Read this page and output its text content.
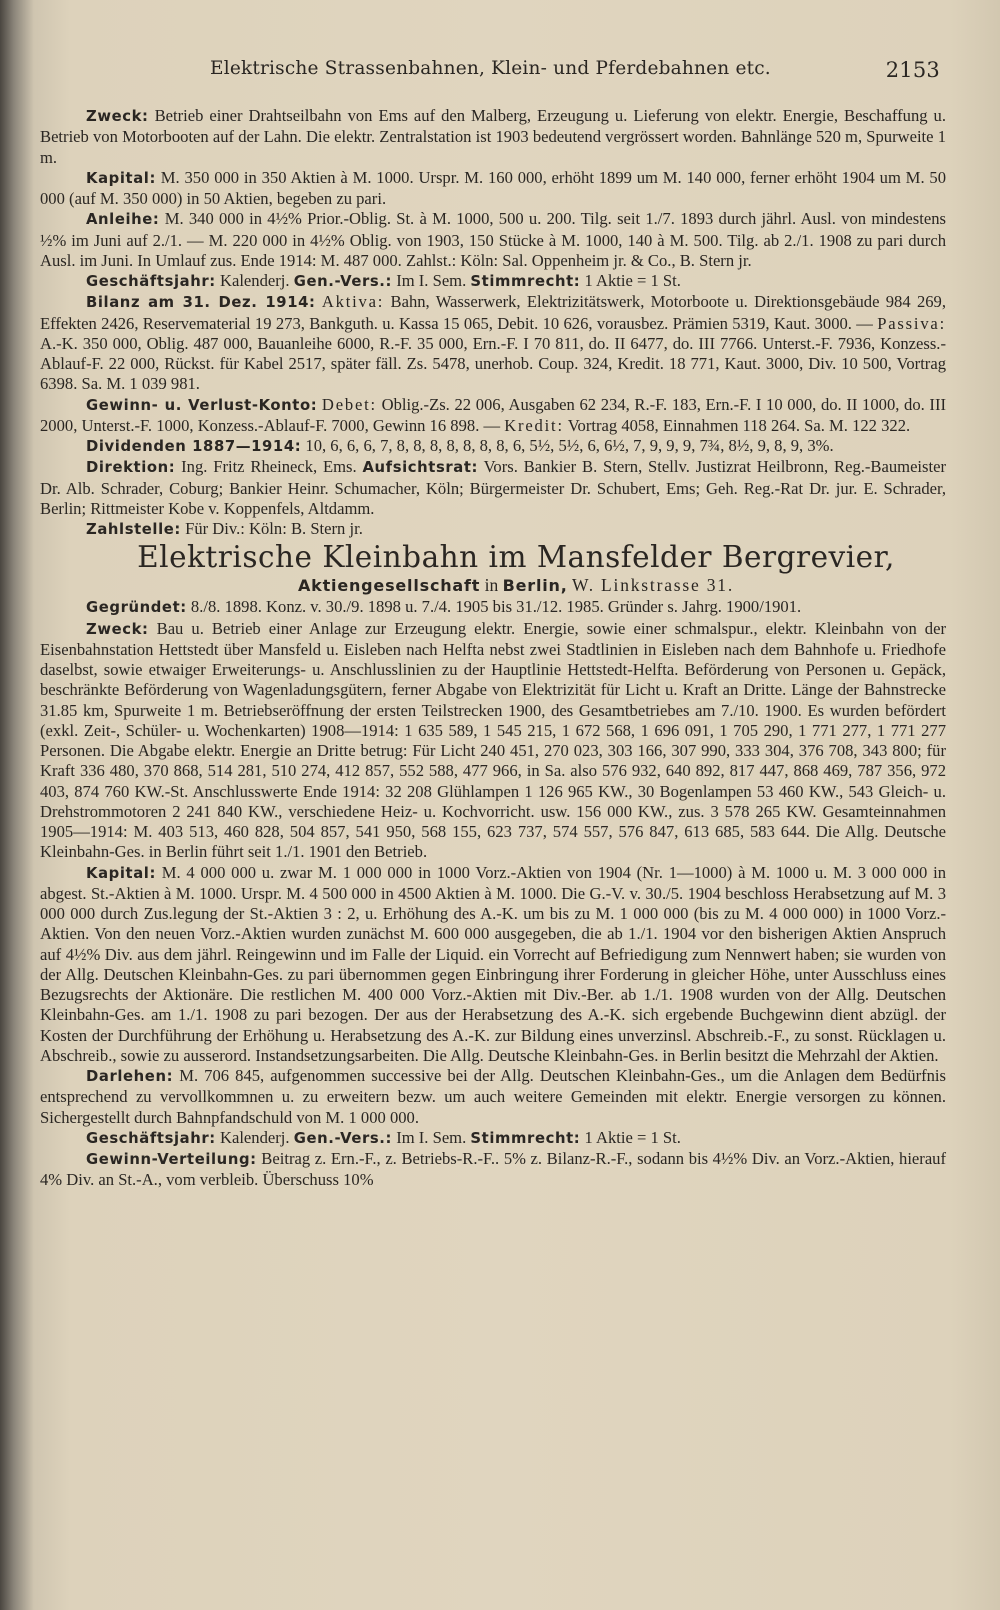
Elektrische Strassenbahnen, Klein- und Pferdebahnen etc.	2153

Zweck: Betrieb einer Drahtseilbahn von Ems auf den Malberg, Erzeugung u. Lieferung von elektr. Energie, Beschaffung u. Betrieb von Motorbooten auf der Lahn. Die elektr. Zentralstation ist 1903 bedeutend vergrössert worden. Bahnlänge 520 m, Spurweite 1 m.

Kapital: M. 350 000 in 350 Aktien à M. 1000. Urspr. M. 160 000, erhöht 1899 um M. 140 000, ferner erhöht 1904 um M. 50 000 (auf M. 350 000) in 50 Aktien, begeben zu pari.

Anleihe: M. 340 000 in 4½% Prior.-Oblig. St. à M. 1000, 500 u. 200. Tilg. seit 1./7. 1893 durch jährl. Ausl. von mindestens ½% im Juni auf 2./1. — M. 220 000 in 4½% Oblig. von 1903, 150 Stücke à M. 1000, 140 à M. 500. Tilg. ab 2./1. 1908 zu pari durch Ausl. im Juni. In Umlauf zus. Ende 1914: M. 487 000. Zahlst.: Köln: Sal. Oppenheim jr. & Co., B. Stern jr.

Geschäftsjahr: Kalenderj. Gen.-Vers.: Im I. Sem. Stimmrecht: 1 Aktie = 1 St.

Bilanz am 31. Dez. 1914: Aktiva: Bahn, Wasserwerk, Elektrizitätswerk, Motorboote u. Direktionsgebäude 984 269, Effekten 2426, Reservematerial 19 273, Bankguth. u. Kassa 15 065, Debit. 10 626, vorausbez. Prämien 5319, Kaut. 3000. — Passiva: A.-K. 350 000, Oblig. 487 000, Bauanleihe 6000, R.-F. 35 000, Ern.-F. I 70 811, do. II 6477, do. III 7766. Unterst.-F. 7936, Konzess.-Ablauf-F. 22 000, Rückst. für Kabel 2517, später fäll. Zs. 5478, unerhob. Coup. 324, Kredit. 18 771, Kaut. 3000, Div. 10 500, Vortrag 6398. Sa. M. 1 039 981.

Gewinn- u. Verlust-Konto: Debet: Oblig.-Zs. 22 006, Ausgaben 62 234, R.-F. 183, Ern.-F. I 10 000, do. II 1000, do. III 2000, Unterst.-F. 1000, Konzess.-Ablauf-F. 7000, Gewinn 16 898. — Kredit: Vortrag 4058, Einnahmen 118 264. Sa. M. 122 322.

Dividenden 1887—1914: 10, 6, 6, 6, 7, 8, 8, 8, 8, 8, 8, 8, 6, 5½, 5½, 6, 6½, 7, 9, 9, 9, 7¾, 8½, 9, 8, 9, 3%.

Direktion: Ing. Fritz Rheineck, Ems. Aufsichtsrat: Vors. Bankier B. Stern, Stellv. Justizrat Heilbronn, Reg.-Baumeister Dr. Alb. Schrader, Coburg; Bankier Heinr. Schumacher, Köln; Bürgermeister Dr. Schubert, Ems; Geh. Reg.-Rat Dr. jur. E. Schrader, Berlin; Rittmeister Kobe v. Koppenfels, Altdamm.

Zahlstelle: Für Div.: Köln: B. Stern jr.

Elektrische Kleinbahn im Mansfelder Bergrevier,

Aktiengesellschaft in Berlin, W. Linkstrasse 31.

Gegründet: 8./8. 1898. Konz. v. 30./9. 1898 u. 7./4. 1905 bis 31./12. 1985. Gründer s. Jahrg. 1900/1901.

Zweck: Bau u. Betrieb einer Anlage zur Erzeugung elektr. Energie, sowie einer schmalspur., elektr. Kleinbahn von der Eisenbahnstation Hettstedt über Mansfeld u. Eisleben nach Helfta nebst zwei Stadtlinien in Eisleben nach dem Bahnhofe u. Friedhofe daselbst, sowie etwaiger Erweiterungs- u. Anschlusslinien zu der Hauptlinie Hettstedt-Helfta. Beförderung von Personen u. Gepäck, beschränkte Beförderung von Wagenladungsgütern, ferner Abgabe von Elektrizität für Licht u. Kraft an Dritte. Länge der Bahnstrecke 31.85 km, Spurweite 1 m. Betriebseröffnung der ersten Teilstrecken 1900, des Gesamtbetriebes am 7./10. 1900. Es wurden befördert (exkl. Zeit-, Schüler- u. Wochenkarten) 1908—1914: 1 635 589, 1 545 215, 1 672 568, 1 696 091, 1 705 290, 1 771 277, 1 771 277 Personen. Die Abgabe elektr. Energie an Dritte betrug: Für Licht 240 451, 270 023, 303 166, 307 990, 333 304, 376 708, 343 800; für Kraft 336 480, 370 868, 514 281, 510 274, 412 857, 552 588, 477 966, in Sa. also 576 932, 640 892, 817 447, 868 469, 787 356, 972 403, 874 760 KW.-St. Anschlusswerte Ende 1914: 32 208 Glühlampen 1 126 965 KW., 30 Bogenlampen 53 460 KW., 543 Gleich- u. Drehstrommotoren 2 241 840 KW., verschiedene Heiz- u. Kochvorricht. usw. 156 000 KW., zus. 3 578 265 KW. Gesamteinnahmen 1905—1914: M. 403 513, 460 828, 504 857, 541 950, 568 155, 623 737, 574 557, 576 847, 613 685, 583 644. Die Allg. Deutsche Kleinbahn-Ges. in Berlin führt seit 1./1. 1901 den Betrieb.

Kapital: M. 4 000 000 u. zwar M. 1 000 000 in 1000 Vorz.-Aktien von 1904 (Nr. 1—1000) à M. 1000 u. M. 3 000 000 in abgest. St.-Aktien à M. 1000. Urspr. M. 4 500 000 in 4500 Aktien à M. 1000. Die G.-V. v. 30./5. 1904 beschloss Herabsetzung auf M. 3 000 000 durch Zus.legung der St.-Aktien 3 : 2, u. Erhöhung des A.-K. um bis zu M. 1 000 000 (bis zu M. 4 000 000) in 1000 Vorz.-Aktien. Von den neuen Vorz.-Aktien wurden zunächst M. 600 000 ausgegeben, die ab 1./1. 1904 vor den bisherigen Aktien Anspruch auf 4½% Div. aus dem jährl. Reingewinn und im Falle der Liquid. ein Vorrecht auf Befriedigung zum Nennwert haben; sie wurden von der Allg. Deutschen Kleinbahn-Ges. zu pari übernommen gegen Einbringung ihrer Forderung in gleicher Höhe, unter Ausschluss eines Bezugsrechts der Aktionäre. Die restlichen M. 400 000 Vorz.-Aktien mit Div.-Ber. ab 1./1. 1908 wurden von der Allg. Deutschen Kleinbahn-Ges. am 1./1. 1908 zu pari bezogen. Der aus der Herabsetzung des A.-K. sich ergebende Buchgewinn dient abzügl. der Kosten der Durchführung der Erhöhung u. Herabsetzung des A.-K. zur Bildung eines unverzinsl. Abschreib.-F., zu sonst. Rücklagen u. Abschreib., sowie zu ausserord. Instandsetzungsarbeiten. Die Allg. Deutsche Kleinbahn-Ges. in Berlin besitzt die Mehrzahl der Aktien.

Darlehen: M. 706 845, aufgenommen successive bei der Allg. Deutschen Kleinbahn-Ges., um die Anlagen dem Bedürfnis entsprechend zu vervollkommnen u. zu erweitern bezw. um auch weitere Gemeinden mit elektr. Energie versorgen zu können. Sichergestellt durch Bahnpfandschuld von M. 1 000 000.

Geschäftsjahr: Kalenderj. Gen.-Vers.: Im I. Sem. Stimmrecht: 1 Aktie = 1 St.

Gewinn-Verteilung: Beitrag z. Ern.-F., z. Betriebs-R.-F.. 5% z. Bilanz-R.-F., sodann bis 4½% Div. an Vorz.-Aktien, hierauf 4% Div. an St.-A., vom verbleib. Überschuss 10%
